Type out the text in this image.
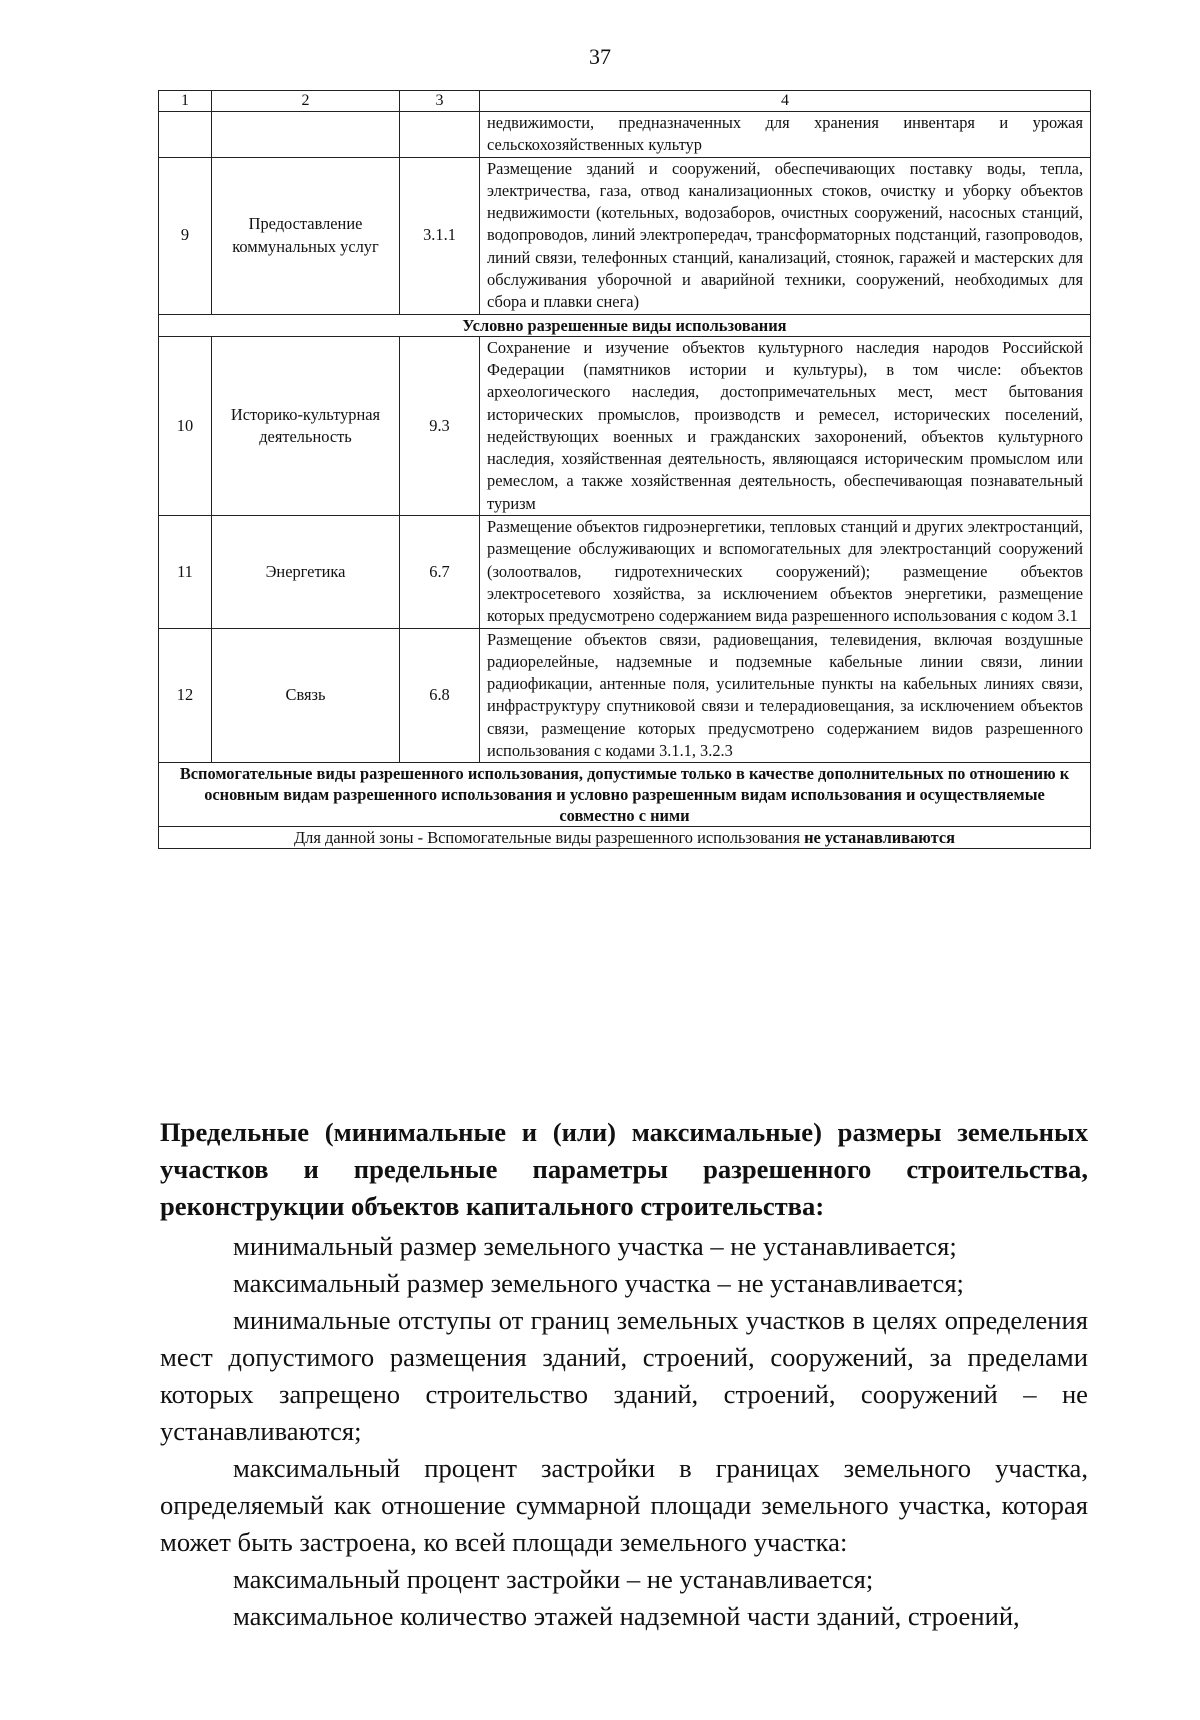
37
1	2	3	4
			недвижимости, предназначенных для хранения инвентаря и урожая сельскохозяйственных культур
9	Предоставление коммунальных услуг	3.1.1	Размещение зданий и сооружений, обеспечивающих поставку воды, тепла, электричества, газа, отвод канализационных стоков, очистку и уборку объектов недвижимости (котельных, водозаборов, очистных сооружений, насосных станций, водопроводов, линий электропередач, трансформаторных подстанций, газопроводов, линий связи, телефонных станций, канализаций, стоянок, гаражей и мастерских для обслуживания уборочной и аварийной техники, сооружений, необходимых для сбора и плавки снега)
Условно разрешенные виды использования			
10	Историко-культурная деятельность	9.3	Сохранение и изучение объектов культурного наследия народов Российской Федерации (памятников истории и культуры), в том числе: объектов археологического наследия, достопримечательных мест, мест бытования исторических промыслов, производств и ремесел, исторических поселений, недействующих военных и гражданских захоронений, объектов культурного наследия, хозяйственная деятельность, являющаяся историческим промыслом или ремеслом, а также хозяйственная деятельность, обеспечивающая познавательный туризм
11	Энергетика	6.7	Размещение объектов гидроэнергетики, тепловых станций и других электростанций, размещение обслуживающих и вспомогательных для электростанций сооружений (золоотвалов, гидротехнических сооружений); размещение объектов электросетевого хозяйства, за исключением объектов энергетики, размещение которых предусмотрено содержанием вида разрешенного использования с кодом 3.1
12	Связь	6.8	Размещение объектов связи, радиовещания, телевидения, включая воздушные радиорелейные, надземные и подземные кабельные линии связи, линии радиофикации, антенные поля, усилительные пункты на кабельных линиях связи, инфраструктуру спутниковой связи и телерадиовещания, за исключением объектов связи, размещение которых предусмотрено содержанием видов разрешенного использования с кодами 3.1.1, 3.2.3
Вспомогательные виды разрешенного использования, допустимые только в качестве дополнительных по отношению к основным видам разрешенного использования и условно разрешенным видам использования и осуществляемые совместно с ними			
Для данной зоны - Вспомогательные виды разрешенного использования не устанавливаются			

Предельные (минимальные и (или) максимальные) размеры земельных участков и предельные параметры разрешенного строительства, реконструкции объектов капитального строительства:

минимальный размер земельного участка – не устанавливается;

максимальный размер земельного участка – не устанавливается;

минимальные отступы от границ земельных участков в целях определения мест допустимого размещения зданий, строений, сооружений, за пределами которых запрещено строительство зданий, строений, сооружений – не устанавливаются;

максимальный процент застройки в границах земельного участка, определяемый как отношение суммарной площади земельного участка, которая может быть застроена, ко всей площади земельного участка:

максимальный процент застройки – не устанавливается;

максимальное количество этажей надземной части зданий, строений,
